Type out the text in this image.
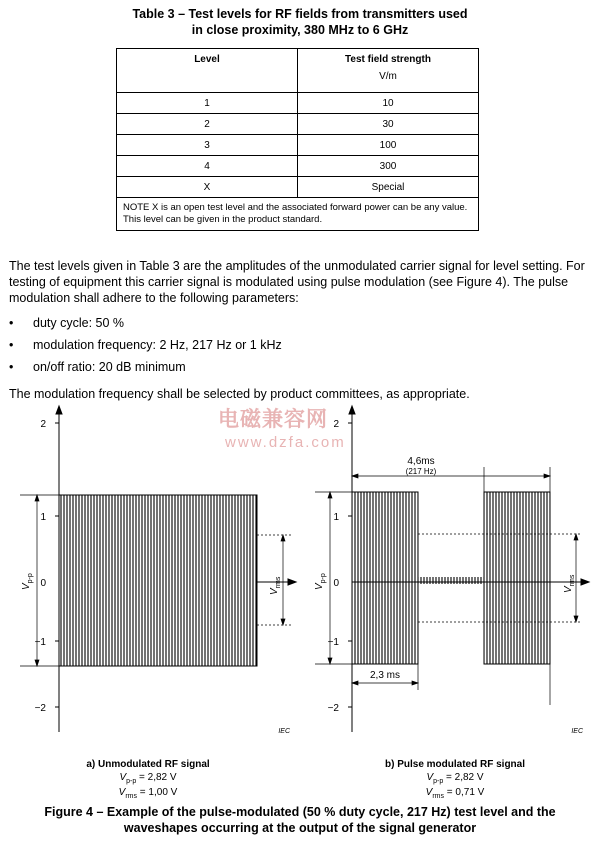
Table 3 – Test levels for RF fields from transmitters used
in close proximity, 380 MHz to 6 GHz
Level	Test field strength
V/m

1	10
2	30
3	100
4	300
X	Special
NOTE X is an open test level and the associated forward power can be any value. This level can be given in the product standard.	
The test levels given in Table 3 are the amplitudes of the unmodulated carrier signal for level setting. For testing of equipment this carrier signal is modulated using pulse modulation (see Figure 4). The pulse modulation shall adhere to the following parameters:
• duty cycle: 50 %
• modulation frequency: 2 Hz, 217 Hz or 1 kHz
• on/off ratio: 20 dB minimum
The modulation frequency shall be selected by product committees, as appropriate.
电磁兼容网
www.dzfa.com
2
1
0
−1
−2
2
1
0
−1
−2
$V_{p-p}$
$V_{rms}$	$V_{p-p}$
$V_{rms}$
4,6ms
(217 Hz)
2,3 ms
IEC	IEC
a) Unmodulated RF signal
$V_{p-p} = 2,82$ V
$V_{rms} = 1,00$ V
b) Pulse modulated RF signal
$V_{p-p} = 2,82$ V
$V_{rms} = 0,71$ V
Figure 4 – Example of the pulse-modulated (50 % duty cycle, 217 Hz) test level and the
waveshapes occurring at the output of the signal generator
